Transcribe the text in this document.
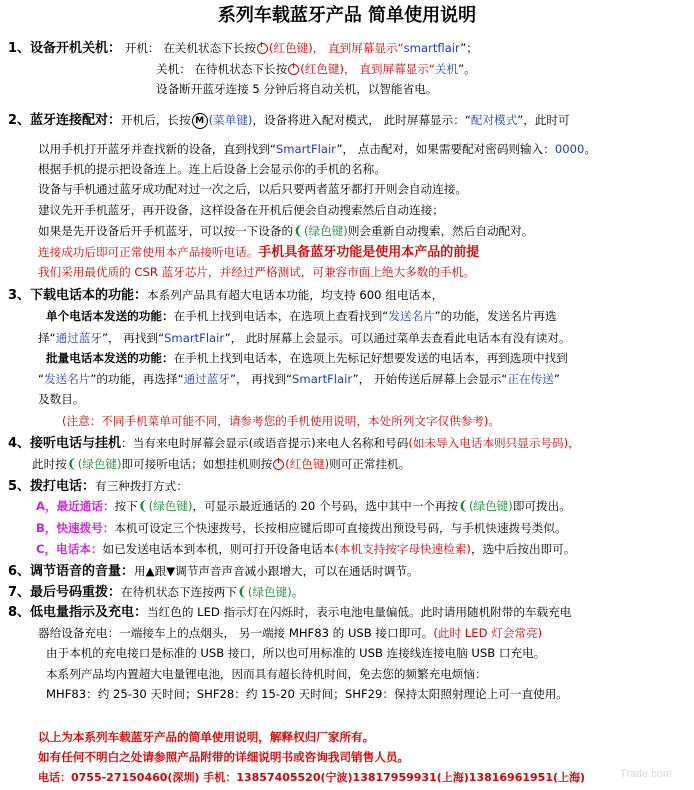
系列车载蓝牙产品 简单使用说明
1、设备开机关机： 开机： 在关机状态下长按 (红色键)， 直到屏幕显示“smartflair”；
关机： 在待机状态下长按 (红色键)， 直到屏幕显示“关机”。
设备断开蓝牙连接 5 分钟后将自动关机，以智能省电。
2、蓝牙连接配对：开机后，长按 M (菜单键)，设备将进入配对模式， 此时屏幕显示：“配对模式”，此时可
以用手机打开蓝牙并查找新的设备，直到找到“SmartFlair”， 点击配对，如果需要配对密码则输入：0000。
根据手机的提示把设备连上。连上后设备上会显示你的手机的名称。
设备与手机通过蓝牙成功配对过一次之后，以后只要两者蓝牙都打开则会自动连接。
建议先开手机蓝牙，再开设备，这样设备在开机后便会自动搜索然后自动连接；
如果是先开设备后开手机蓝牙，可以按一下设备的❨(绿色键)则会重新自动搜索，然后自动配对。
连接成功后即可正常使用本产品接听电话。手机具备蓝牙功能是使用本产品的前提
我们采用最优质的 CSR 蓝牙芯片，并经过严格测试，可兼容市面上绝大多数的手机。
3、下载电话本的功能：本系列产品具有超大电话本功能，均支持 600 组电话本，
单个电话本发送的功能：在手机上找到电话本，在选项上查看找到“发送名片”的功能，发送名片再选
择“通过蓝牙”， 再找到“SmartFlair”， 此时屏幕上会显示。可以通过菜单去查看此电话本有没有读对。
批量电话本发送的功能：在手机上找到电话本，在选项上先标记好想要发送的电话本，再到选项中找到
“发送名片”的功能，再选择“通过蓝牙”， 再找到“SmartFlair”， 开始传送后屏幕上会显示“正在传送”
及数目。
(注意：不同手机菜单可能不同，请参考您的手机使用说明，本处所列文字仅供参考)。
4、接听电话与挂机：当有来电时屏幕会显示(或语音提示)来电人名称和号码(如未导入电话本则只显示号码)，
此时按❨(绿色键)即可接听电话；如想挂机则按 (红色键)则可正常挂机。
5、拨打电话：有三种拨打方式：
A，最近通话：按下❨(绿色键)，可显示最近通话的 20 个号码，选中其中一个再按❨(绿色键)即可拨出。
B，快速拨号：本机可设定三个快速拨号，长按相应键后即可直接拨出预设号码，与手机快速拨号类似。
C，电话本：如已发送电话本到本机，则可打开设备电话本(本机支持按字母快速检索)，选中后按出即可。
6、调节语音的音量：用▲跟▼调节声音声音减小跟增大，可以在通话时调节。
7、最后号码重拨：在待机状态下连按两下❨(绿色键)。
8、低电量指示及充电：当红色的 LED 指示灯在闪烁时，表示电池电量偏低。此时请用随机附带的车载充电
器给设备充电：一端接车上的点烟头， 另一端接 MHF83 的 USB 接口即可。(此时 LED 灯会常亮)
由于本机的充电接口是标准的 USB 接口，所以也可用标准的 USB 连接线连接电脑 USB 口充电。
本系列产品均内置超大电量锂电池，因而具有超长待机时间，免去您的频繁充电烦恼：
MHF83：约 25-30 天时间；SHF28：约 15-20 天时间；SHF29：保持太阳照射理论上可一直使用。
以上为本系列车载蓝牙产品的简单使用说明，解释权归厂家所有。
如有任何不明白之处请参照产品附带的详细说明书或咨询我司销售人员。
电话：0755-27150460(深圳) 手机：13857405520(宁波)13817959931(上海)13816961951(上海)	Trade.com
